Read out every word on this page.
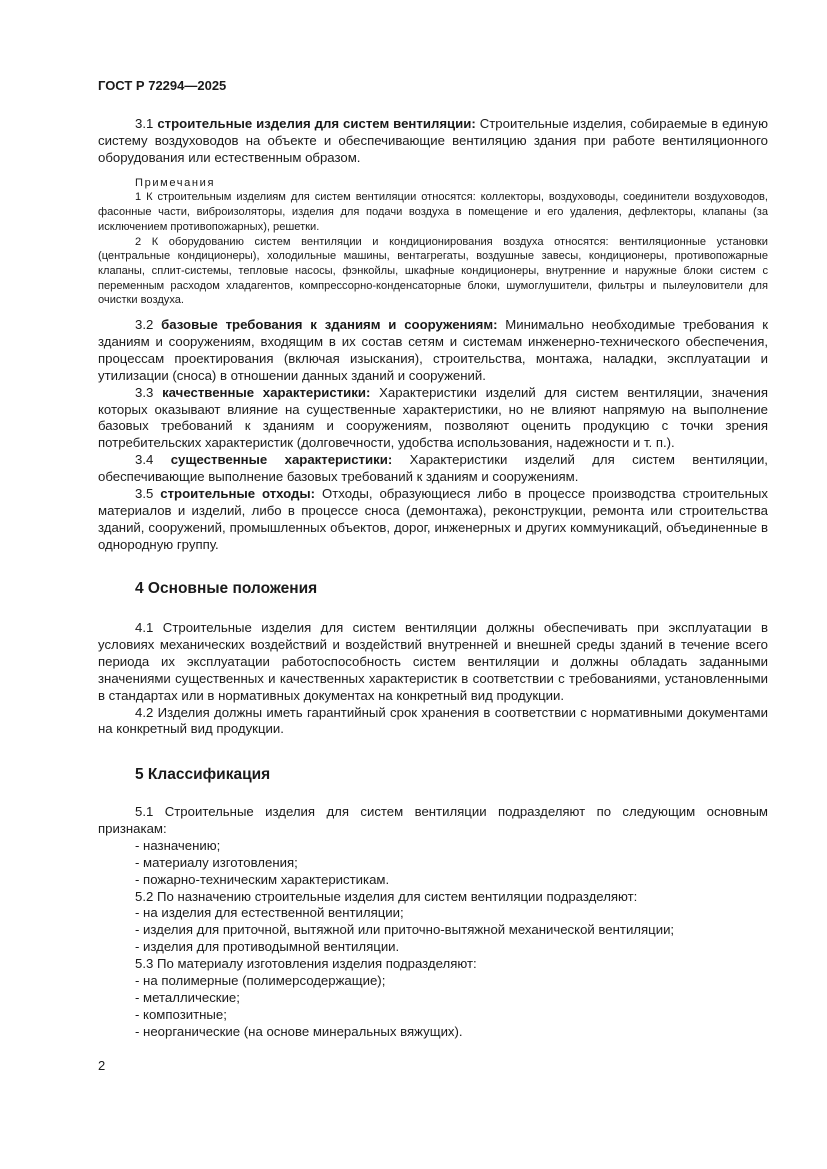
ГОСТ Р 72294—2025

3.1 строительные изделия для систем вентиляции: Строительные изделия, собираемые в единую систему воздуховодов на объекте и обеспечивающие вентиляцию здания при работе вентиляционного оборудования или естественным образом.

Примечания

1 К строительным изделиям для систем вентиляции относятся: коллекторы, воздуховоды, соединители воздуховодов, фасонные части, виброизоляторы, изделия для подачи воздуха в помещение и его удаления, дефлекторы, клапаны (за исключением противопожарных), решетки.

2 К оборудованию систем вентиляции и кондиционирования воздуха относятся: вентиляционные установки (центральные кондиционеры), холодильные машины, вентагрегаты, воздушные завесы, кондиционеры, противопожарные клапаны, сплит-системы, тепловые насосы, фэнкойлы, шкафные кондиционеры, внутренние и наружные блоки систем с переменным расходом хладагентов, компрессорно-конденсаторные блоки, шумоглушители, фильтры и пылеуловители для очистки воздуха.

3.2 базовые требования к зданиям и сооружениям: Минимально необходимые требования к зданиям и сооружениям, входящим в их состав сетям и системам инженерно-технического обеспечения, процессам проектирования (включая изыскания), строительства, монтажа, наладки, эксплуатации и утилизации (сноса) в отношении данных зданий и сооружений.

3.3 качественные характеристики: Характеристики изделий для систем вентиляции, значения которых оказывают влияние на существенные характеристики, но не влияют напрямую на выполнение базовых требований к зданиям и сооружениям, позволяют оценить продукцию с точки зрения потребительских характеристик (долговечности, удобства использования, надежности и т. п.).

3.4 существенные характеристики: Характеристики изделий для систем вентиляции, обеспечивающие выполнение базовых требований к зданиям и сооружениям.

3.5 строительные отходы: Отходы, образующиеся либо в процессе производства строительных материалов и изделий, либо в процессе сноса (демонтажа), реконструкции, ремонта или строительства зданий, сооружений, промышленных объектов, дорог, инженерных и других коммуникаций, объединенные в однородную группу.

4 Основные положения

4.1 Строительные изделия для систем вентиляции должны обеспечивать при эксплуатации в условиях механических воздействий и воздействий внутренней и внешней среды зданий в течение всего периода их эксплуатации работоспособность систем вентиляции и должны обладать заданными значениями существенных и качественных характеристик в соответствии с требованиями, установленными в стандартах или в нормативных документах на конкретный вид продукции.

4.2 Изделия должны иметь гарантийный срок хранения в соответствии с нормативными документами на конкретный вид продукции.

5 Классификация

5.1 Строительные изделия для систем вентиляции подразделяют по следующим основным признакам:

- назначению;

- материалу изготовления;

- пожарно-техническим характеристикам.

5.2 По назначению строительные изделия для систем вентиляции подразделяют:

- на изделия для естественной вентиляции;

- изделия для приточной, вытяжной или приточно-вытяжной механической вентиляции;

- изделия для противодымной вентиляции.

5.3 По материалу изготовления изделия подразделяют:

- на полимерные (полимерсодержащие);

- металлические;

- композитные;

- неорганические (на основе минеральных вяжущих).

2
